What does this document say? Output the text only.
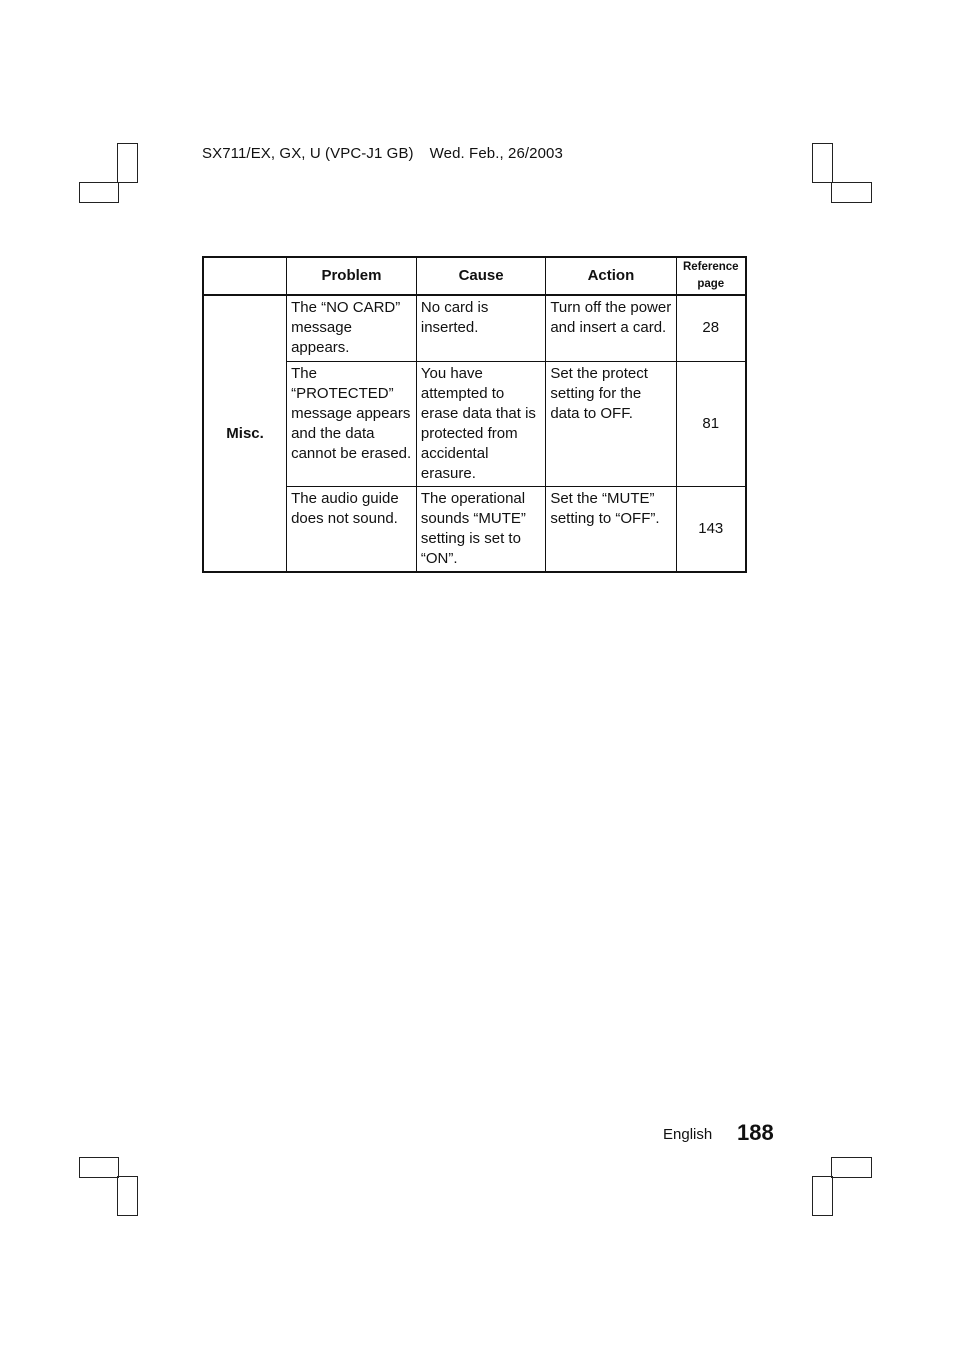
SX711/EX, GX, U (VPC-J1 GB) Wed. Feb., 26/2003
	Problem	Cause	Action	Reference
page
Misc.	The “NO CARD” message appears.	No card is inserted.	Turn off the power and insert a card.	28
	The “PROTECTED” message appears and the data cannot be erased.	You have attempted to erase data that is protected from accidental erasure.	Set the protect setting for the data to OFF.	81
	The audio guide does not sound.	The operational sounds “MUTE” setting is set to “ON”.	Set the “MUTE” setting to “OFF”.	143
English 188
